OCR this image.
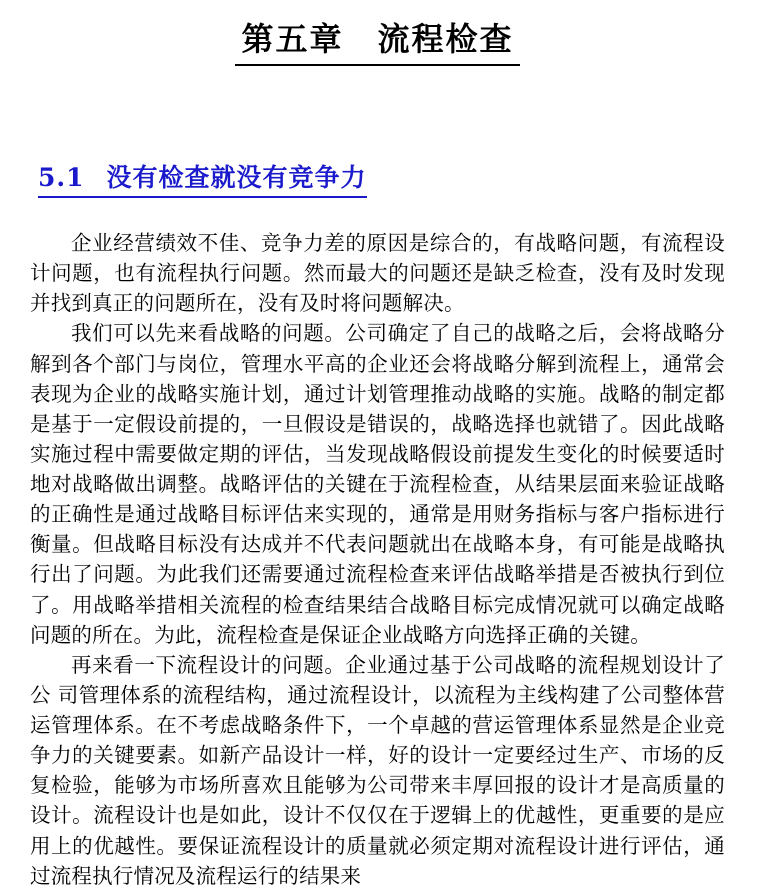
第五章　流程检查
5.1 没有检查就没有竞争力

企业经营绩效不佳、竞争力差的原因是综合的，有战略问题，有流程设计问题，也有流程执行问题。然而最大的问题还是缺乏检查，没有及时发现并找到真正的问题所在，没有及时将问题解决。

我们可以先来看战略的问题。公司确定了自己的战略之后，会将战略分解到各个部门与岗位，管理水平高的企业还会将战略分解到流程上，通常会表现为企业的战略实施计划，通过计划管理推动战略的实施。战略的制定都是基于一定假设前提的，一旦假设是错误的，战略选择也就错了。因此战略实施过程中需要做定期的评估，当发现战略假设前提发生变化的时候要适时地对战略做出调整。战略评估的关键在于流程检查，从结果层面来验证战略的正确性是通过战略目标评估来实现的，通常是用财务指标与客户指标进行衡量。但战略目标没有达成并不代表问题就出在战略本身，有可能是战略执行出了问题。为此我们还需要通过流程检查来评估战略举措是否被执行到位了。用战略举措相关流程的检查结果结合战略目标完成情况就可以确定战略问题的所在。为此，流程检查是保证企业战略方向选择正确的关键。

再来看一下流程设计的问题。企业通过基于公司战略的流程规划设计了公 司管理体系的流程结构，通过流程设计，以流程为主线构建了公司整体营运管理体系。在不考虑战略条件下，一个卓越的营运管理体系显然是企业竞争力的关键要素。如新产品设计一样，好的设计一定要经过生产、市场的反复检验，能够为市场所喜欢且能够为公司带来丰厚回报的设计才是高质量的设计。流程设计也是如此，设计不仅仅在于逻辑上的优越性，更重要的是应用上的优越性。要保证流程设计的质量就必须定期对流程设计进行评估，通过流程执行情况及流程运行的结果来
